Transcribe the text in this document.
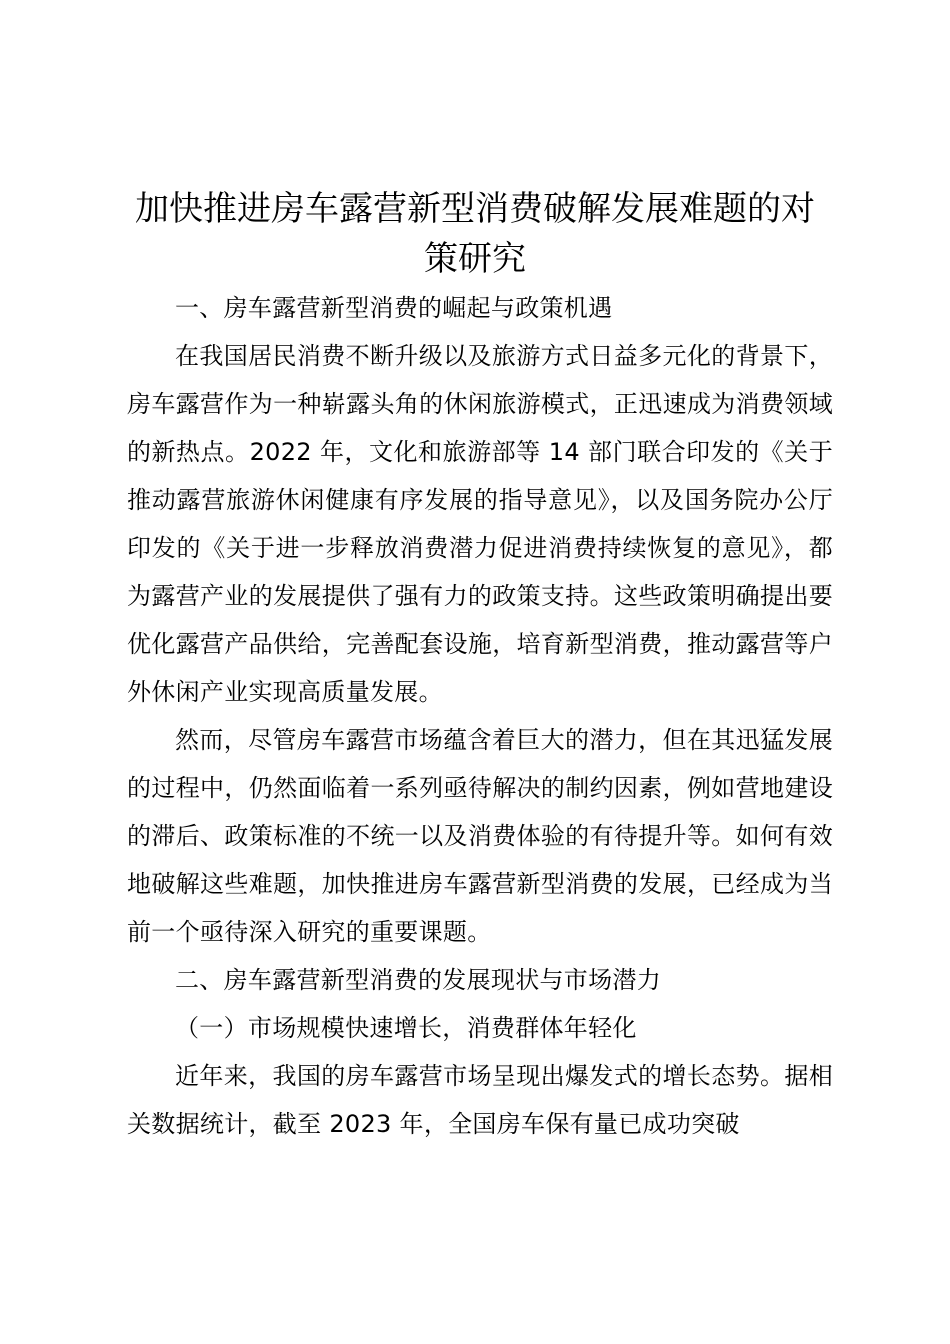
加快推进房车露营新型消费破解发展难题的对策研究

一、房车露营新型消费的崛起与政策机遇

在我国居民消费不断升级以及旅游方式日益多元化的背景下，房车露营作为一种崭露头角的休闲旅游模式，正迅速成为消费领域的新热点。2022 年，文化和旅游部等 14 部门联合印发的《关于推动露营旅游休闲健康有序发展的指导意见》，以及国务院办公厅印发的《关于进一步释放消费潜力促进消费持续恢复的意见》，都为露营产业的发展提供了强有力的政策支持。这些政策明确提出要优化露营产品供给，完善配套设施，培育新型消费，推动露营等户外休闲产业实现高质量发展。

然而，尽管房车露营市场蕴含着巨大的潜力，但在其迅猛发展的过程中，仍然面临着一系列亟待解决的制约因素，例如营地建设的滞后、政策标准的不统一以及消费体验的有待提升等。如何有效地破解这些难题，加快推进房车露营新型消费的发展，已经成为当前一个亟待深入研究的重要课题。

二、房车露营新型消费的发展现状与市场潜力

（一）市场规模快速增长，消费群体年轻化

近年来，我国的房车露营市场呈现出爆发式的增长态势。据相关数据统计，截至 2023 年，全国房车保有量已成功突破
